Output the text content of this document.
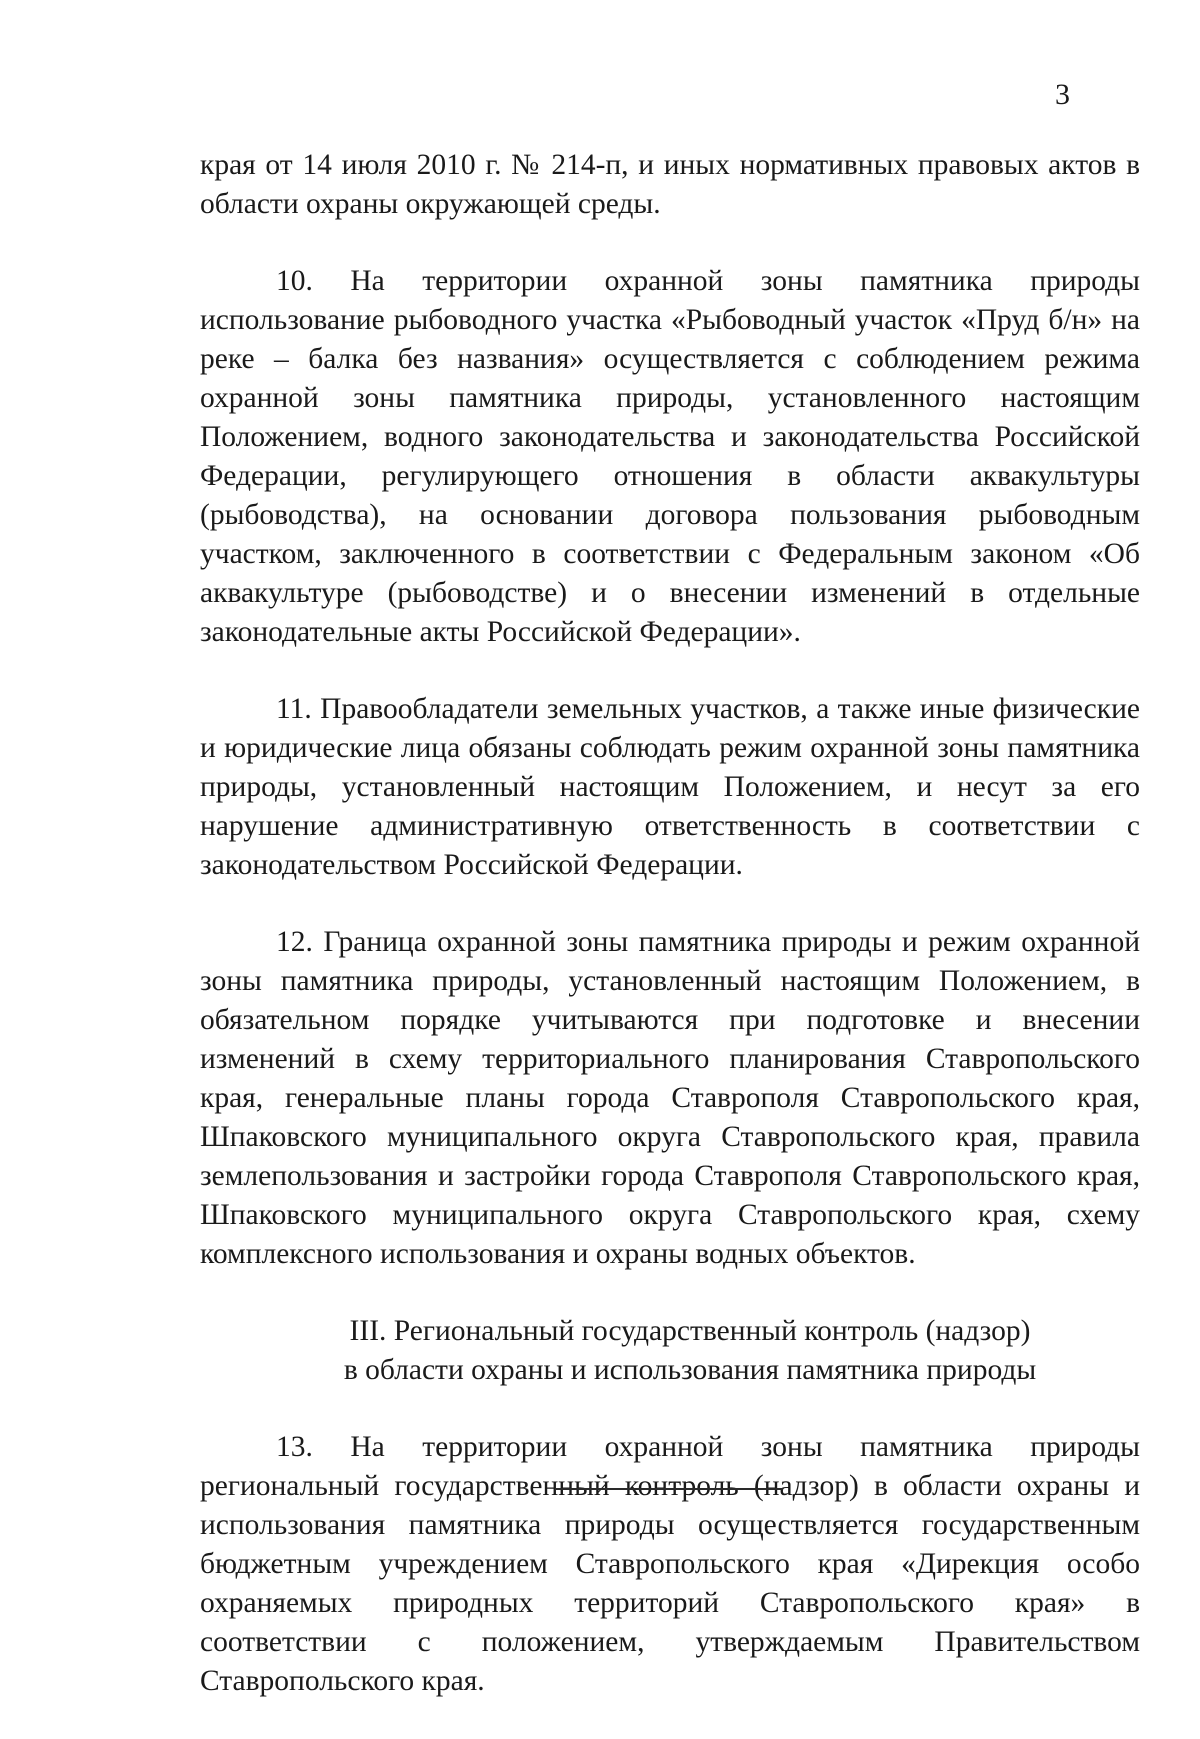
3

края от 14 июля 2010 г. № 214-п, и иных нормативных правовых актов в области охраны окружающей среды.

10. На территории охранной зоны памятника природы использование рыбоводного участка «Рыбоводный участок «Пруд б/н» на реке – балка без названия» осуществляется с соблюдением режима охранной зоны памятника природы, установленного настоящим Положением, водного законодательства и законодательства Российской Федерации, регулирующего отношения в области аквакультуры (рыбоводства), на основании договора пользования рыбоводным участком, заключенного в соответствии с Федеральным законом «Об аквакультуре (рыбоводстве) и о внесении изменений в отдельные законодательные акты Российской Федерации».

11. Правообладатели земельных участков, а также иные физические и юридические лица обязаны соблюдать режим охранной зоны памятника природы, установленный настоящим Положением, и несут за его нарушение административную ответственность в соответствии с законодательством Российской Федерации.

12. Граница охранной зоны памятника природы и режим охранной зоны памятника природы, установленный настоящим Положением, в обязательном порядке учитываются при подготовке и внесении изменений в схему территориального планирования Ставропольского края, генеральные планы города Ставрополя Ставропольского края, Шпаковского муниципального округа Ставропольского края, правила землепользования и застройки города Ставрополя Ставропольского края, Шпаковского муниципального округа Ставропольского края, схему комплексного использования и охраны водных объектов.

III. Региональный государственный контроль (надзор)
в области охраны и использования памятника природы

13. На территории охранной зоны памятника природы региональный государственный контроль (надзор) в области охраны и использования памятника природы осуществляется государственным бюджетным учреждением Ставропольского края «Дирекция особо охраняемых природных территорий Ставропольского края» в соответствии с положением, утверждаемым Правительством Ставропольского края.
